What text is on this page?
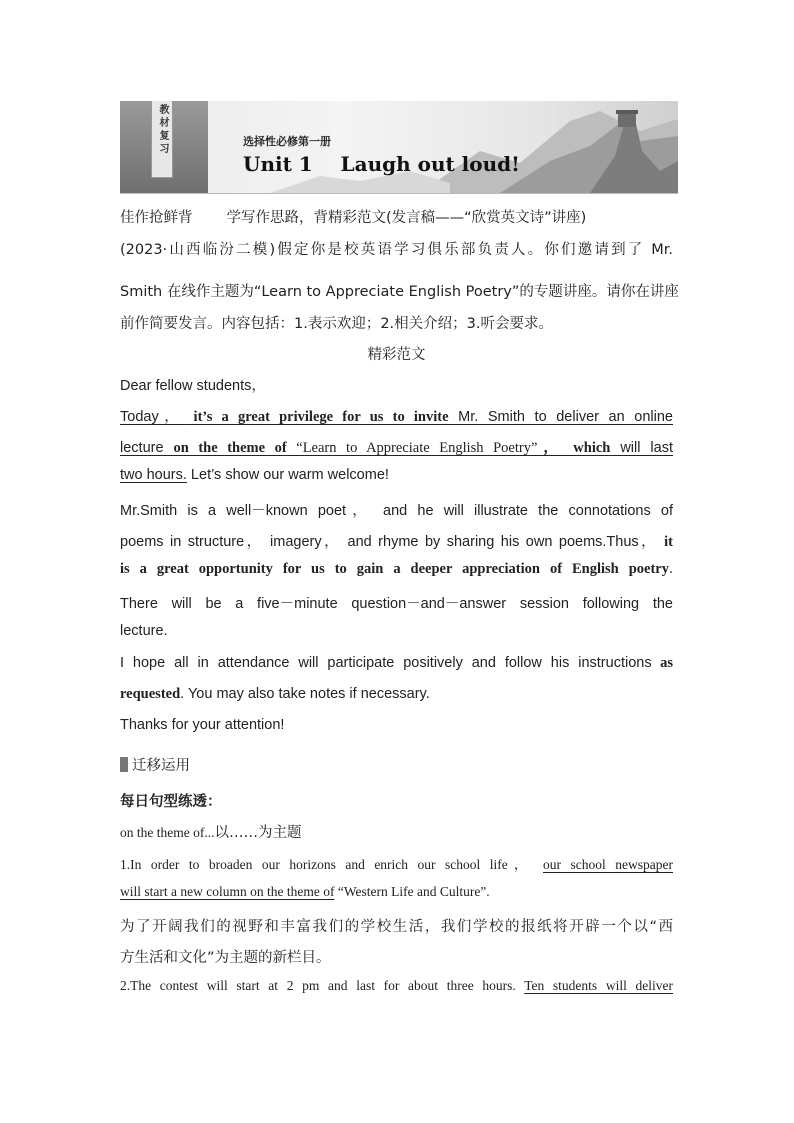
教材复习	选择性必修第一册
Unit 1    Laugh out loud!
佳作抢鲜背 学写作思路，背精彩范文(发言稿——“欣赏英文诗”讲座)
(2023·山西临汾二模)假定你是校英语学习俱乐部负责人。你们邀请到了 Mr.
Smith 在线作主题为“Learn to Appreciate English Poetry”的专题讲座。请你在讲座
前作简要发言。内容包括：1.表示欢迎；2.相关介绍；3.听会要求。
精彩范文
Dear fellow students，
Today， it’s a great privilege for us to invite Mr. Smith to deliver an online
lecture on the theme of “Learn to Appreciate English Poetry”， which will last
two hours. Let’s show our warm welcome!
Mr.Smith is a well－known poet， and he will illustrate the connotations of
poems in structure， imagery， and rhyme by sharing his own poems.Thus， it
is a great opportunity for us to gain a deeper appreciation of English poetry.
There will be a five－minute question－and－answer session following the
lecture.
I hope all in attendance will participate positively and follow his instructions as
requested. You may also take notes if necessary.
Thanks for your attention!
迁移运用
每日句型练透：
on the theme of...以……为主题
1.In order to broaden our horizons and enrich our school life， our school newspaper
will start a new column on the theme of “Western Life and Culture”.
为了开阔我们的视野和丰富我们的学校生活，我们学校的报纸将开辟一个以“西
方生活和文化”为主题的新栏目。
2.The contest will start at 2 pm and last for about three hours. Ten students will deliver
